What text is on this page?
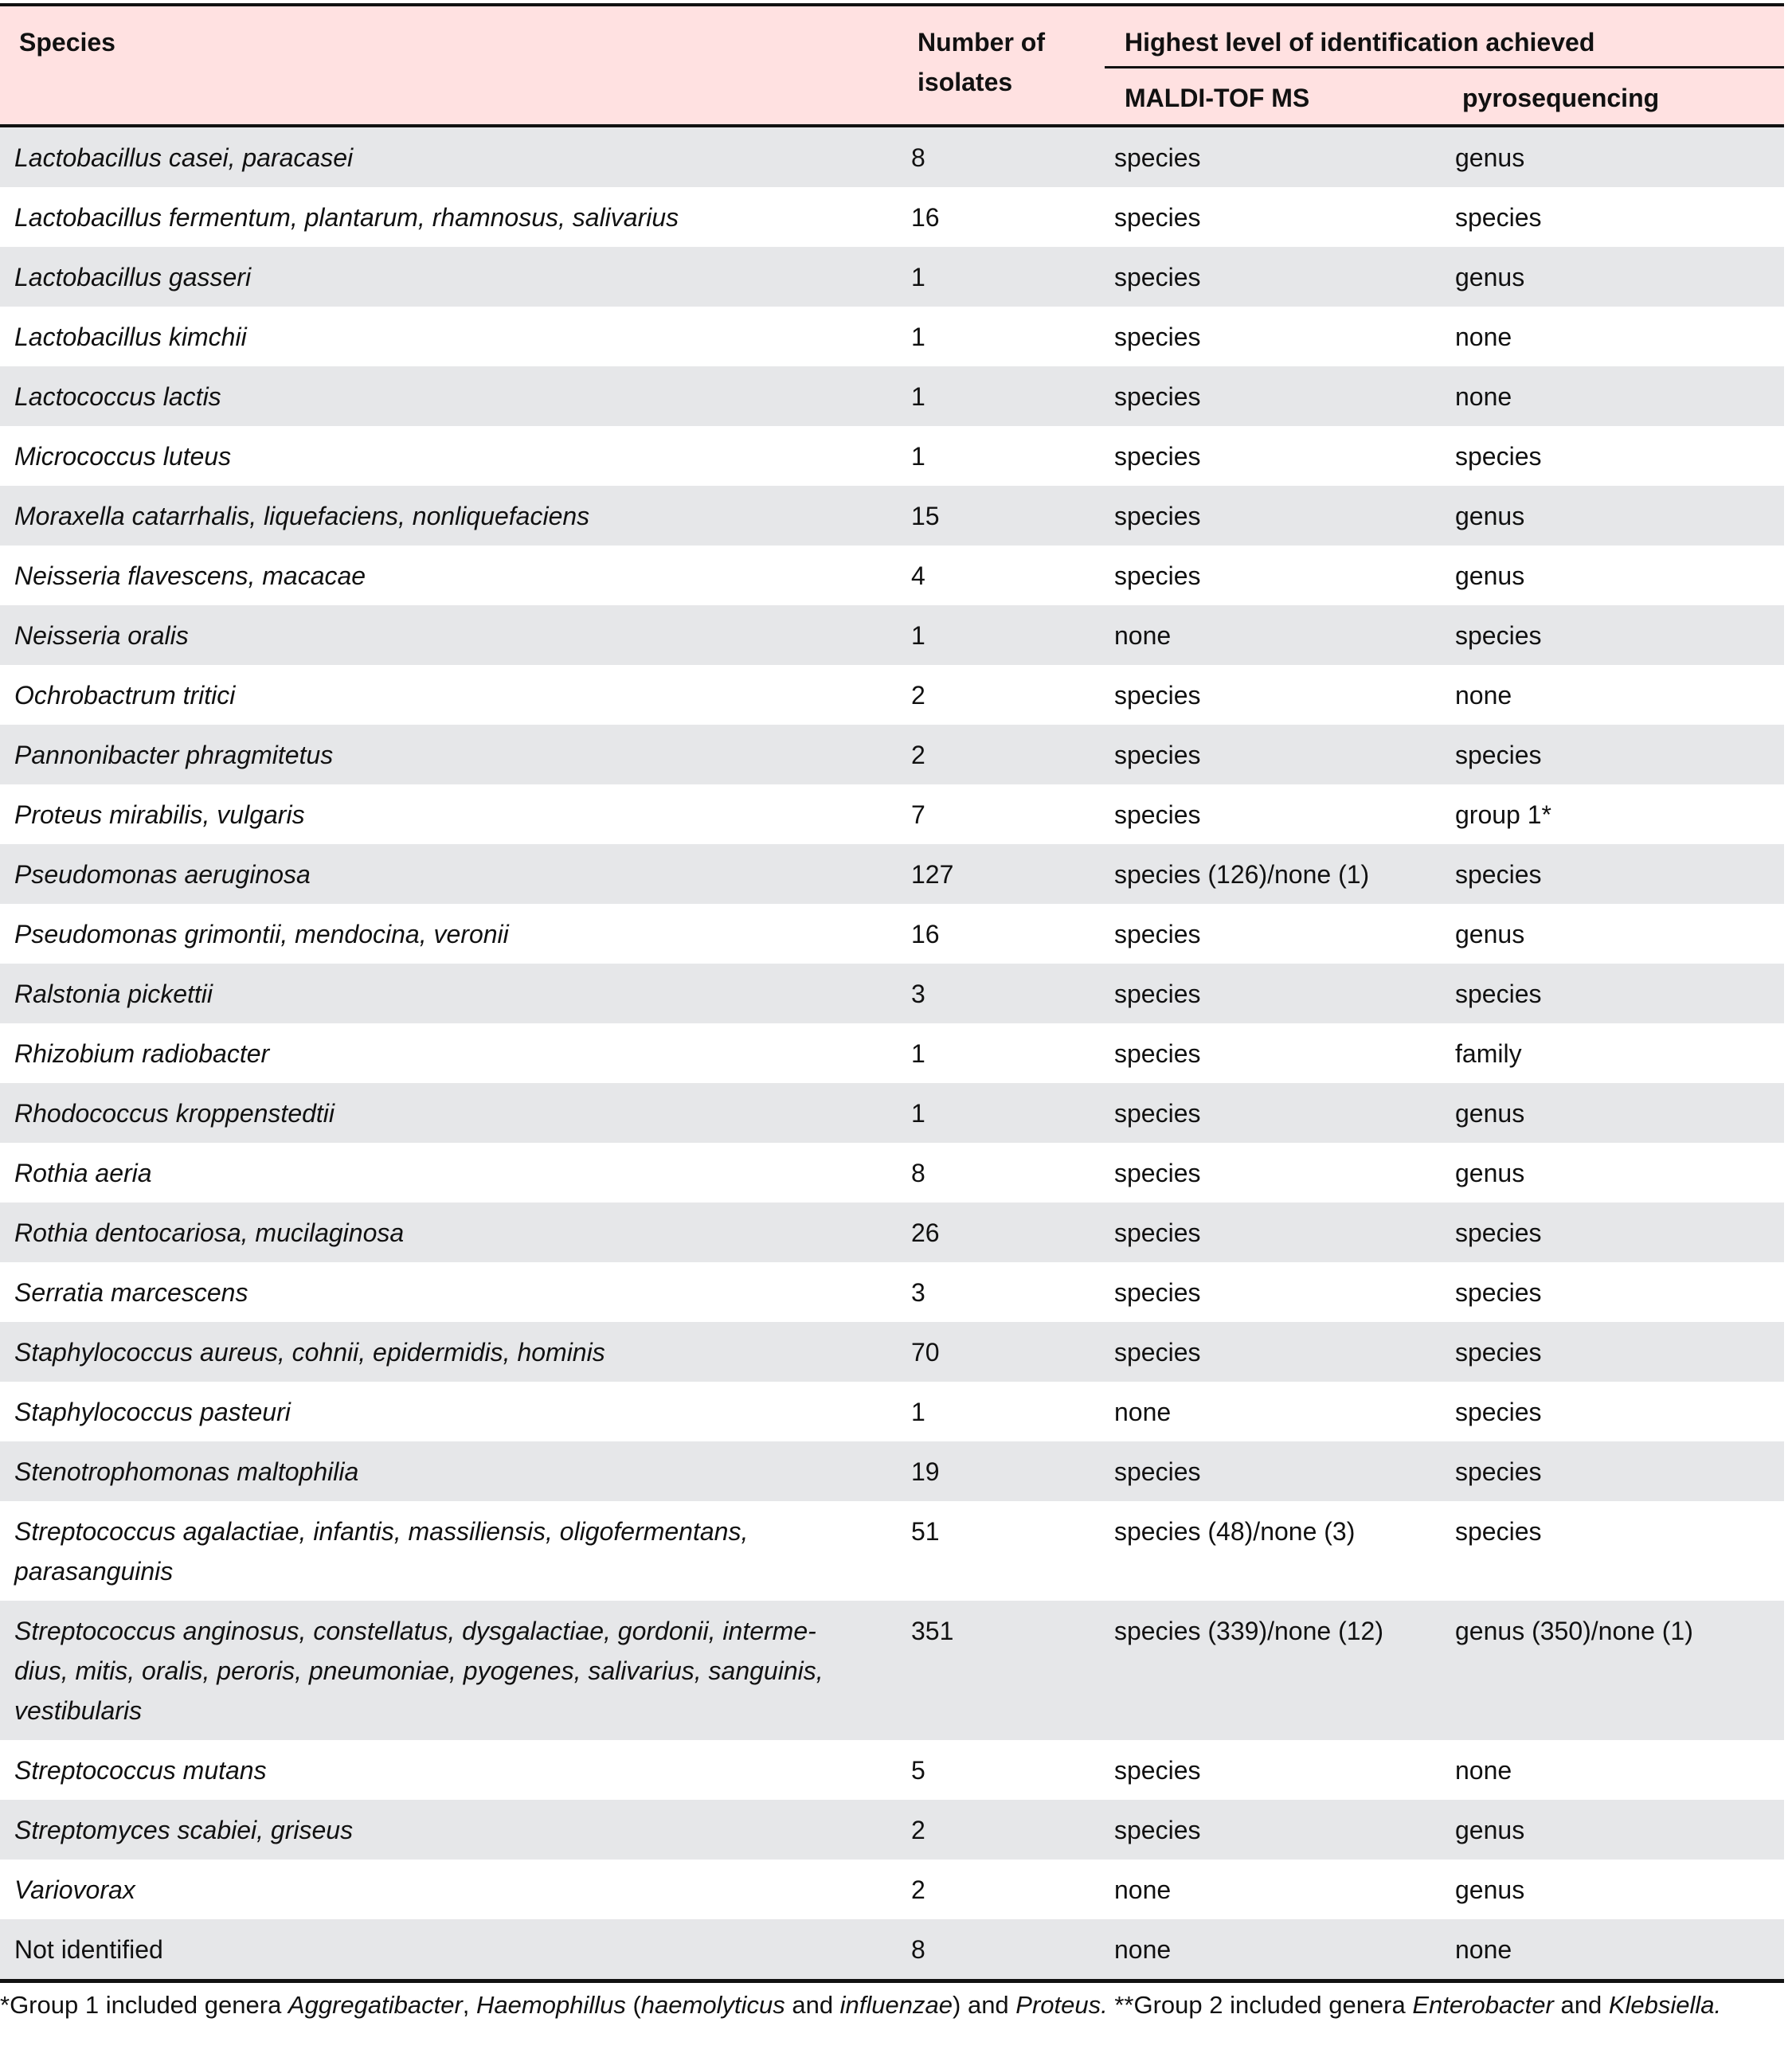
Species	Number of isolates	Highest level of identification achieved	
		MALDI-TOF MS	pyrosequencing
Lactobacillus casei, paracasei	8	species	genus
Lactobacillus fermentum, plantarum, rhamnosus, salivarius	16	species	species
Lactobacillus gasseri	1	species	genus
Lactobacillus kimchii	1	species	none
Lactococcus lactis	1	species	none
Micrococcus luteus	1	species	species
Moraxella catarrhalis, liquefaciens, nonliquefaciens	15	species	genus
Neisseria flavescens, macacae	4	species	genus
Neisseria oralis	1	none	species
Ochrobactrum tritici	2	species	none
Pannonibacter phragmitetus	2	species	species
Proteus mirabilis, vulgaris	7	species	group 1*
Pseudomonas aeruginosa	127	species (126)/none (1)	species
Pseudomonas grimontii, mendocina, veronii	16	species	genus
Ralstonia pickettii	3	species	species
Rhizobium radiobacter	1	species	family
Rhodococcus kroppenstedtii	1	species	genus
Rothia aeria	8	species	genus
Rothia dentocariosa, mucilaginosa	26	species	species
Serratia marcescens	3	species	species
Staphylococcus aureus, cohnii, epidermidis, hominis	70	species	species
Staphylococcus pasteuri	1	none	species
Stenotrophomonas maltophilia	19	species	species
Streptococcus agalactiae, infantis, massiliensis, oligofermentans, parasanguinis	51	species (48)/none (3)	species
Streptococcus anginosus, constellatus, dysgalactiae, gordonii, intermedius, mitis, oralis, peroris, pneumoniae, pyogenes, salivarius, sanguinis, vestibularis	351	species (339)/none (12)	genus (350)/none (1)
Streptococcus mutans	5	species	none
Streptomyces scabiei, griseus	2	species	genus
Variovorax	2	none	genus
Not identified	8	none	none
*Group 1 included genera Aggregatibacter, Haemophillus (haemolyticus and influenzae) and Proteus. **Group 2 included genera Enterobacter and Klebsiella.
